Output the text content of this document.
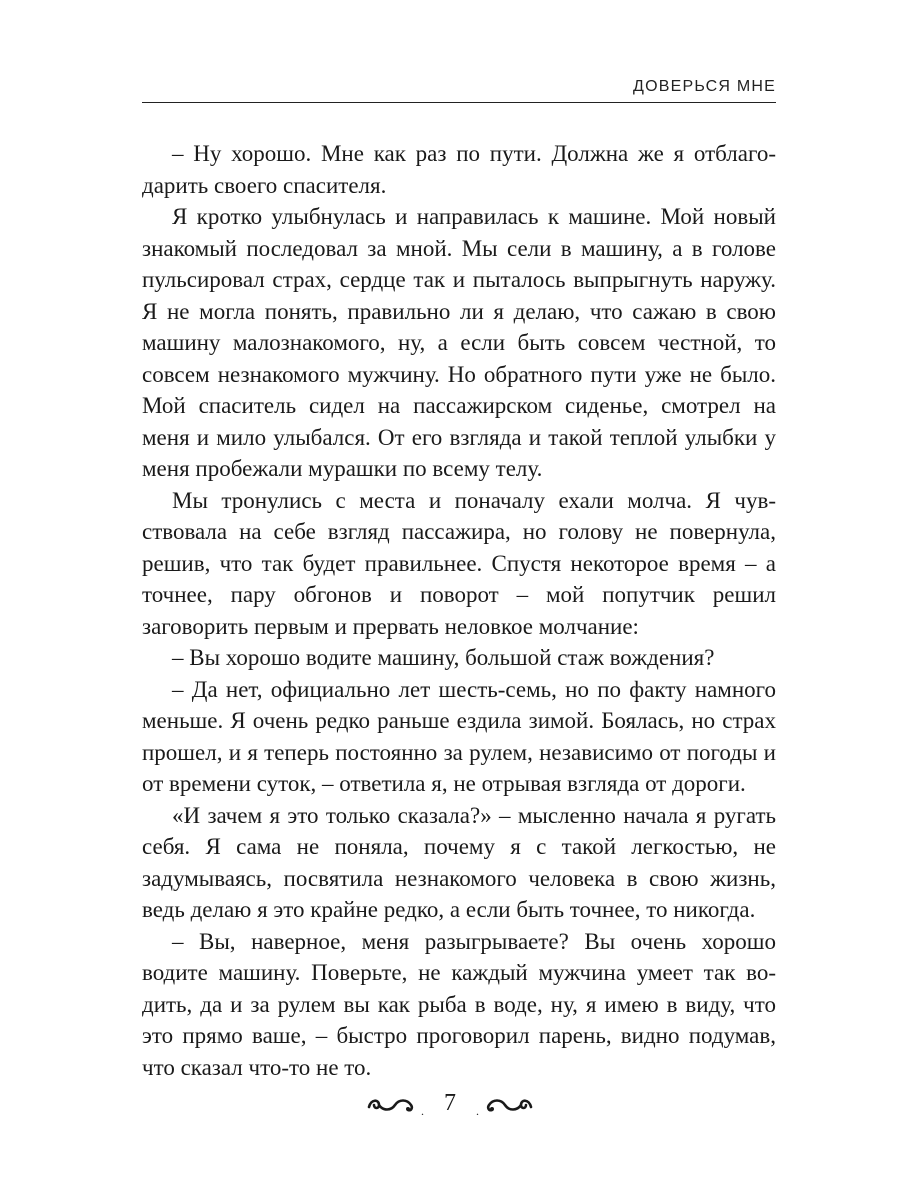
ДОВЕРЬСЯ МНЕ

– Ну хорошо. Мне как раз по пути. Должна же я отблагодарить своего спасителя.

Я кротко улыбнулась и направилась к машине. Мой новый знакомый последовал за мной. Мы сели в машину, а в голове пульсировал страх, сердце так и пыталось выпрыгнуть наружу. Я не могла понять, правильно ли я делаю, что сажаю в свою машину малознакомого, ну, а если быть совсем честной, то совсем незнакомого мужчину. Но обратного пути уже не было. Мой спаситель сидел на пассажирском сиденье, смотрел на меня и мило улыбался. От его взгляда и такой теплой улыбки у меня пробежали мурашки по всему телу.

Мы тронулись с места и поначалу ехали молча. Я чувствовала на себе взгляд пассажира, но голову не повернула, решив, что так будет правильнее. Спустя некоторое время – а точнее, пару обгонов и поворот – мой попутчик решил заговорить первым и прервать неловкое молчание:

– Вы хорошо водите машину, большой стаж вождения?

– Да нет, официально лет шесть-семь, но по факту намного меньше. Я очень редко раньше ездила зимой. Боялась, но страх прошел, и я теперь постоянно за рулем, независимо от погоды и от времени суток, – ответила я, не отрывая взгляда от дороги.

«И зачем я это только сказала?» – мысленно начала я ругать себя. Я сама не поняла, почему я с такой легкостью, не задумываясь, посвятила незнакомого человека в свою жизнь, ведь делаю я это крайне редко, а если быть точнее, то никогда.

– Вы, наверное, меня разыгрываете? Вы очень хорошо водите машину. Поверьте, не каждый мужчина умеет так водить, да и за рулем вы как рыба в воде, ну, я имею в виду, что это прямо ваше, – быстро проговорил парень, видно подумав, что сказал что-то не то.

. 7	.
